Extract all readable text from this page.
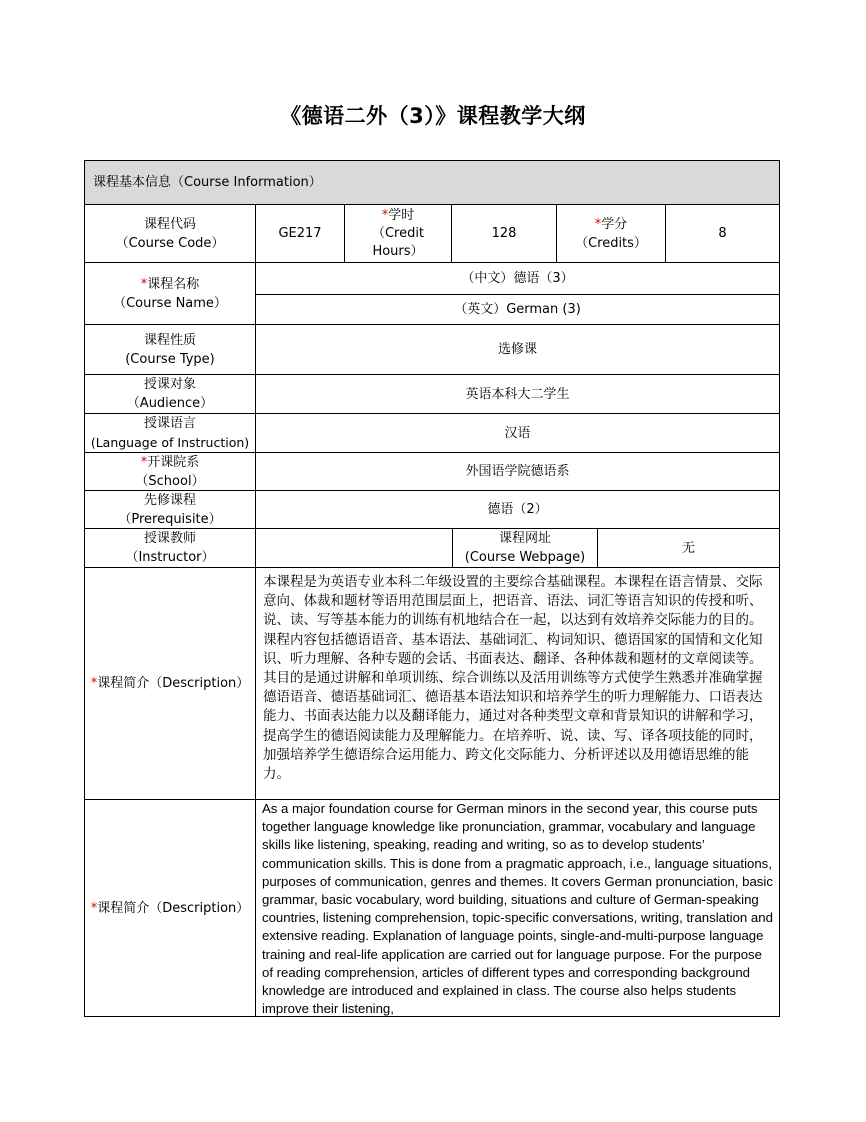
《德语二外（3）》课程教学大纲
课程基本信息（Course Information）
课程代码
（Course Code）
GE217
*学时
（Credit
Hours）
128
*学分
（Credits）
8
*课程名称
（Course Name）
（中文）德语（3）
（英文）German (3)
课程性质
(Course Type)
选修课
授课对象
（Audience）
英语本科大二学生
授课语言
(Language of Instruction)
汉语
*开课院系
（School）
外国语学院德语系
先修课程
（Prerequisite）
德语（2）
授课教师
（Instructor）
课程网址
(Course Webpage)
无
*课程简介（Description）
本课程是为英语专业本科二年级设置的主要综合基础课程。本课程在语言情景、交际意向、体裁和题材等语用范围层面上，把语音、语法、词汇等语言知识的传授和听、说、读、写等基本能力的训练有机地结合在一起，以达到有效培养交际能力的目的。课程内容包括德语语音、基本语法、基础词汇、构词知识、德语国家的国情和文化知识、听力理解、各种专题的会话、书面表达、翻译、各种体裁和题材的文章阅读等。其目的是通过讲解和单项训练、综合训练以及活用训练等方式使学生熟悉并准确掌握德语语音、德语基础词汇、德语基本语法知识和培养学生的听力理解能力、口语表达能力、书面表达能力以及翻译能力，通过对各种类型文章和背景知识的讲解和学习，提高学生的德语阅读能力及理解能力。在培养听、说、读、写、译各项技能的同时，加强培养学生德语综合运用能力、跨文化交际能力、分析评述以及用德语思维的能力。
*课程简介（Description）
As a major foundation course for German minors in the second year, this course puts together language knowledge like pronunciation, grammar, vocabulary and language skills like listening, speaking, reading and writing, so as to develop students’ communication skills. This is done from a pragmatic approach, i.e., language situations, purposes of communication, genres and themes. It covers German pronunciation, basic grammar, basic vocabulary, word building, situations and culture of German-speaking countries, listening comprehension, topic-specific conversations, writing, translation and extensive reading. Explanation of language points, single-and-multi-purpose language training and real-life application are carried out for language purpose. For the purpose of reading comprehension, articles of different types and corresponding background knowledge are introduced and explained in class. The course also helps students improve their listening,
